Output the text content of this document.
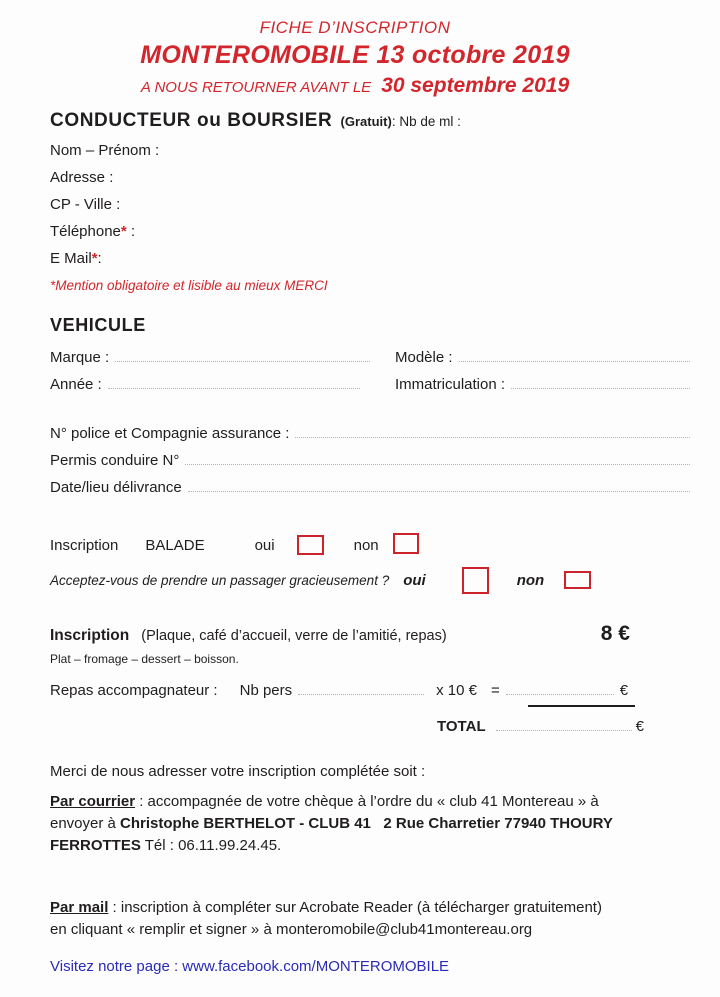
FICHE D’INSCRIPTION
MONTEROMOBILE 13 octobre 2019
A NOUS RETOURNER AVANT LE 30 septembre 2019
CONDUCTEUR ou BOURSIER (Gratuit): Nb de ml :
Nom – Prénom :
Adresse :
CP - Ville :
Téléphone* :
E Mail*:
*Mention obligatoire et lisible au mieux MERCI
VEHICULE
Marque :	Modèle :
Année :	Immatriculation :
N° police et Compagnie assurance :
Permis conduire N°
Date/lieu délivrance
Inscription BALADE	oui	non
Acceptez-vous de prendre un passager gracieusement ? oui	non
Inscription (Plaque, café d’accueil, verre de l’amitié, repas)	8 €
Plat – fromage – dessert – boisson.
Repas accompagnateur : Nb pers	x 10 € =	€
TOTAL	€
Merci de nous adresser votre inscription complétée soit :
Par courrier : accompagnée de votre chèque à l’ordre du « club 41 Montereau » à
envoyer à Christophe BERTHELOT - CLUB 41   2 Rue Charretier 77940 THOURY
FERROTTES Tél : 06.11.99.24.45.
Par mail : inscription à compléter sur Acrobate Reader (à télécharger gratuitement)
en cliquant « remplir et signer » à monteromobile@club41montereau.org
Visitez notre page : www.facebook.com/MONTEROMOBILE
